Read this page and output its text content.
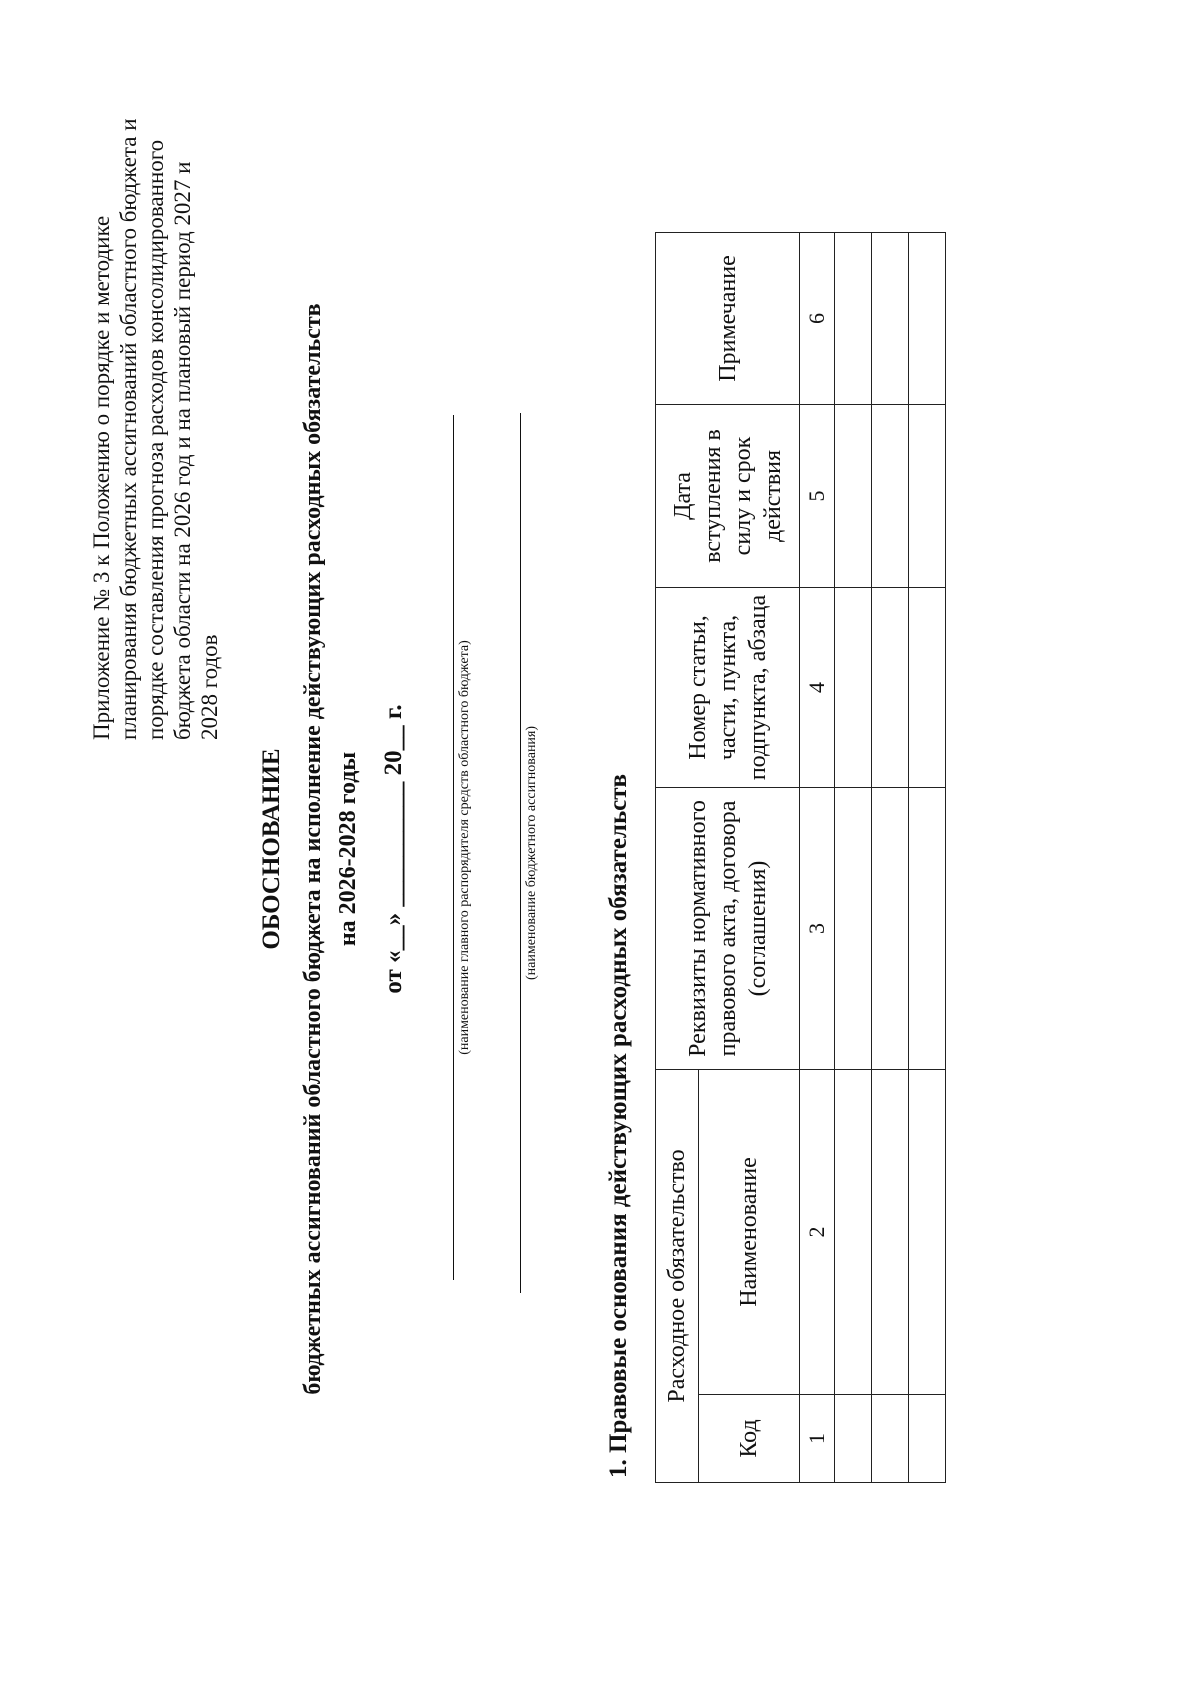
Приложение № 3 к Положению о порядке и методике планирования бюджетных ассигнований областного бюджета и порядке составления прогноза расходов консолидированного бюджета области на 2026 год и на плановый период 2027 и 2028 годов
ОБОСНОВАНИЕ бюджетных ассигнований областного бюджета на исполнение действующих расходных обязательств на 2026-2028 годы от «__» __________ 20__ г.	(наименование главного распорядителя средств областного бюджета)	(наименование бюджетного ассигнования)	1. Правовые основания действующих расходных обязательств Расходное обязательство		Реквизиты нормативного правового акта, договора (соглашения)	Номер статьи, части, пункта, подпункта, абзаца	Дата вступления в силу и срок действия	Примечание
Код	Наименование				
1	2	3	4	5	6
